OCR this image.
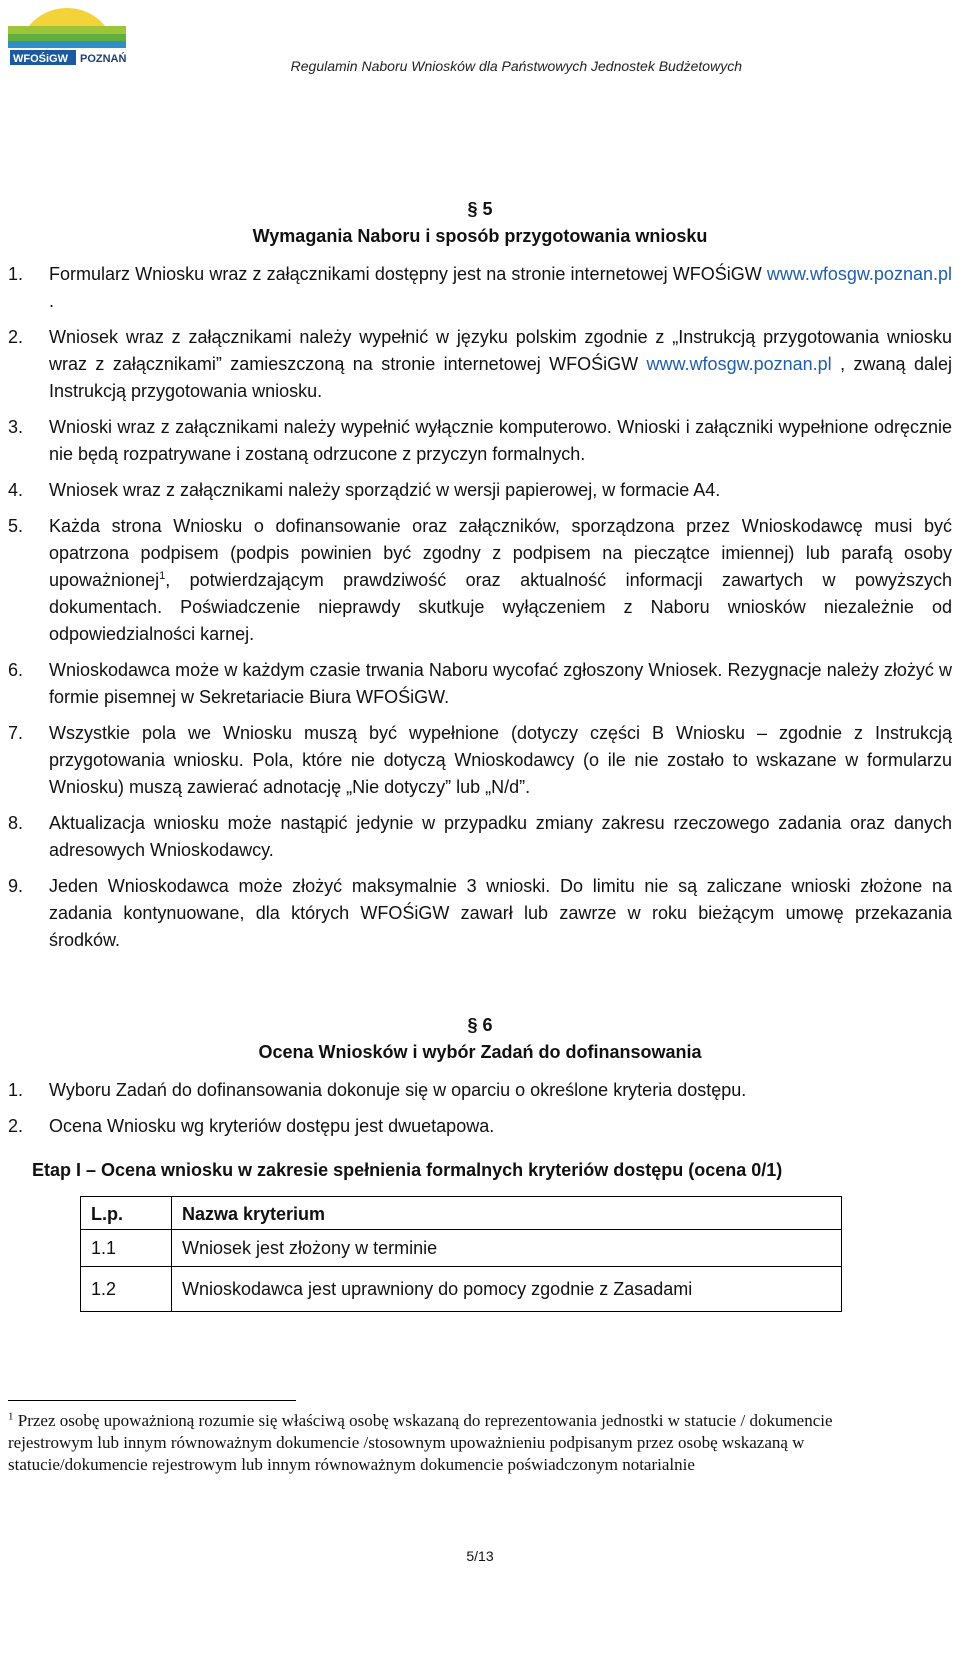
WFOŚiGW POZNAŃ	Regulamin Naboru Wniosków dla Państwowych Jednostek Budżetowych

§ 5

Wymagania Naboru i sposób przygotowania wniosku

1. Formularz Wniosku wraz z załącznikami dostępny jest na stronie internetowej WFOŚiGW www.wfosgw.poznan.pl .
2. Wniosek wraz z załącznikami należy wypełnić w języku polskim zgodnie z „Instrukcją przygotowania wniosku wraz z załącznikami” zamieszczoną na stronie internetowej WFOŚiGW www.wfosgw.poznan.pl , zwaną dalej Instrukcją przygotowania wniosku.
3. Wnioski wraz z załącznikami należy wypełnić wyłącznie komputerowo. Wnioski i załączniki wypełnione odręcznie nie będą rozpatrywane i zostaną odrzucone z przyczyn formalnych.
4. Wniosek wraz z załącznikami należy sporządzić w wersji papierowej, w formacie A4.
5. Każda strona Wniosku o dofinansowanie oraz załączników, sporządzona przez Wnioskodawcę musi być opatrzona podpisem (podpis powinien być zgodny z podpisem na pieczątce imiennej) lub parafą osoby upoważnionej$^1$, potwierdzającym prawdziwość oraz aktualność informacji zawartych w powyższych dokumentach. Poświadczenie nieprawdy skutkuje wyłączeniem z Naboru wniosków niezależnie od odpowiedzialności karnej.
6. Wnioskodawca może w każdym czasie trwania Naboru wycofać zgłoszony Wniosek. Rezygnacje należy złożyć w formie pisemnej w Sekretariacie Biura WFOŚiGW.
7. Wszystkie pola we Wniosku muszą być wypełnione (dotyczy części B Wniosku – zgodnie z Instrukcją przygotowania wniosku. Pola, które nie dotyczą Wnioskodawcy (o ile nie zostało to wskazane w formularzu Wniosku) muszą zawierać adnotację „Nie dotyczy” lub „N/d”.
8. Aktualizacja wniosku może nastąpić jedynie w przypadku zmiany zakresu rzeczowego zadania oraz danych adresowych Wnioskodawcy.
9. Jeden Wnioskodawca może złożyć maksymalnie 3 wnioski. Do limitu nie są zaliczane wnioski złożone na zadania kontynuowane, dla których WFOŚiGW zawarł lub zawrze w roku bieżącym umowę przekazania środków.

§ 6

Ocena Wniosków i wybór Zadań do dofinansowania

1. Wyboru Zadań do dofinansowania dokonuje się w oparciu o określone kryteria dostępu.
2. Ocena Wniosku wg kryteriów dostępu jest dwuetapowa.

Etap I – Ocena wniosku w zakresie spełnienia formalnych kryteriów dostępu (ocena 0/1)

L.p.	Nazwa kryterium
1.1	Wniosek jest złożony w terminie
1.2	Wnioskodawca jest uprawniony do pomocy zgodnie z Zasadami
$^1$ Przez osobę upoważnioną rozumie się właściwą osobę wskazaną do reprezentowania jednostki w statucie / dokumencie rejestrowym lub innym równoważnym dokumencie /stosownym upoważnieniu podpisanym przez osobę wskazaną w statucie/dokumencie rejestrowym lub innym równoważnym dokumencie poświadczonym notarialnie
5/13
